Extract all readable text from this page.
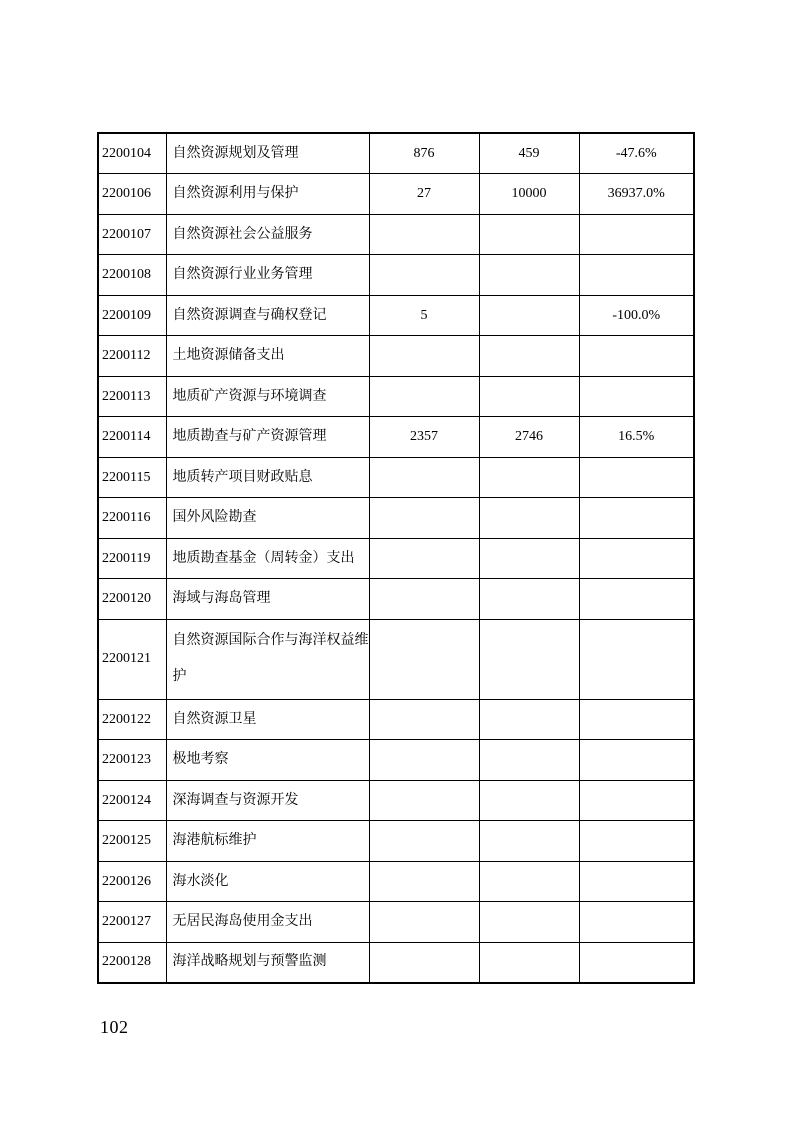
2200104	自然资源规划及管理	876	459	-47.6%
2200106	自然资源利用与保护	27	10000	36937.0%
2200107	自然资源社会公益服务			
2200108	自然资源行业业务管理			
2200109	自然资源调查与确权登记	5		-100.0%
2200112	土地资源储备支出			
2200113	地质矿产资源与环境调查			
2200114	地质勘查与矿产资源管理	2357	2746	16.5%
2200115	地质转产项目财政贴息			
2200116	国外风险勘查			
2200119	地质勘查基金（周转金）支出			
2200120	海域与海岛管理			
2200121	自然资源国际合作与海洋权益维护			
2200122	自然资源卫星			
2200123	极地考察			
2200124	深海调查与资源开发			
2200125	海港航标维护			
2200126	海水淡化			
2200127	无居民海岛使用金支出			
2200128	海洋战略规划与预警监测			
102
